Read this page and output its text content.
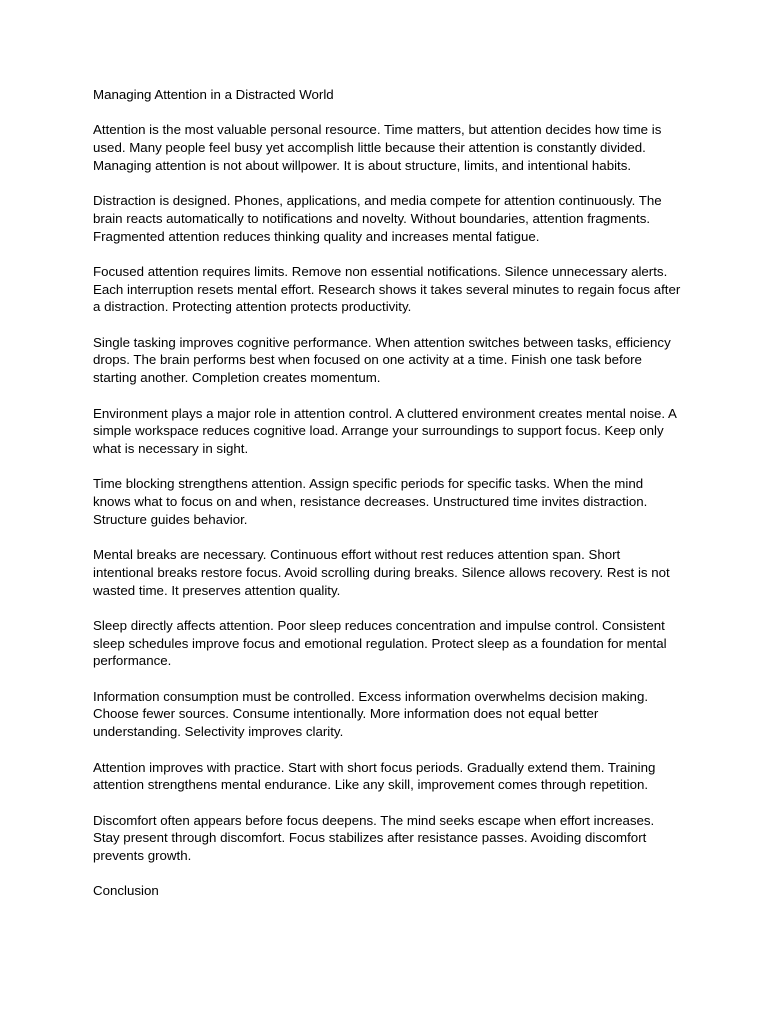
Managing Attention in a Distracted World

Attention is the most valuable personal resource. Time matters, but attention decides how time is used. Many people feel busy yet accomplish little because their attention is constantly divided. Managing attention is not about willpower. It is about structure, limits, and intentional habits.

Distraction is designed. Phones, applications, and media compete for attention continuously. The brain reacts automatically to notifications and novelty. Without boundaries, attention fragments. Fragmented attention reduces thinking quality and increases mental fatigue.

Focused attention requires limits. Remove non essential notifications. Silence unnecessary alerts. Each interruption resets mental effort. Research shows it takes several minutes to regain focus after a distraction. Protecting attention protects productivity.

Single tasking improves cognitive performance. When attention switches between tasks, efficiency drops. The brain performs best when focused on one activity at a time. Finish one task before starting another. Completion creates momentum.

Environment plays a major role in attention control. A cluttered environment creates mental noise. A simple workspace reduces cognitive load. Arrange your surroundings to support focus. Keep only what is necessary in sight.

Time blocking strengthens attention. Assign specific periods for specific tasks. When the mind knows what to focus on and when, resistance decreases. Unstructured time invites distraction. Structure guides behavior.

Mental breaks are necessary. Continuous effort without rest reduces attention span. Short intentional breaks restore focus. Avoid scrolling during breaks. Silence allows recovery. Rest is not wasted time. It preserves attention quality.

Sleep directly affects attention. Poor sleep reduces concentration and impulse control. Consistent sleep schedules improve focus and emotional regulation. Protect sleep as a foundation for mental performance.

Information consumption must be controlled. Excess information overwhelms decision making. Choose fewer sources. Consume intentionally. More information does not equal better understanding. Selectivity improves clarity.

Attention improves with practice. Start with short focus periods. Gradually extend them. Training attention strengthens mental endurance. Like any skill, improvement comes through repetition.

Discomfort often appears before focus deepens. The mind seeks escape when effort increases. Stay present through discomfort. Focus stabilizes after resistance passes. Avoiding discomfort prevents growth.

Conclusion
